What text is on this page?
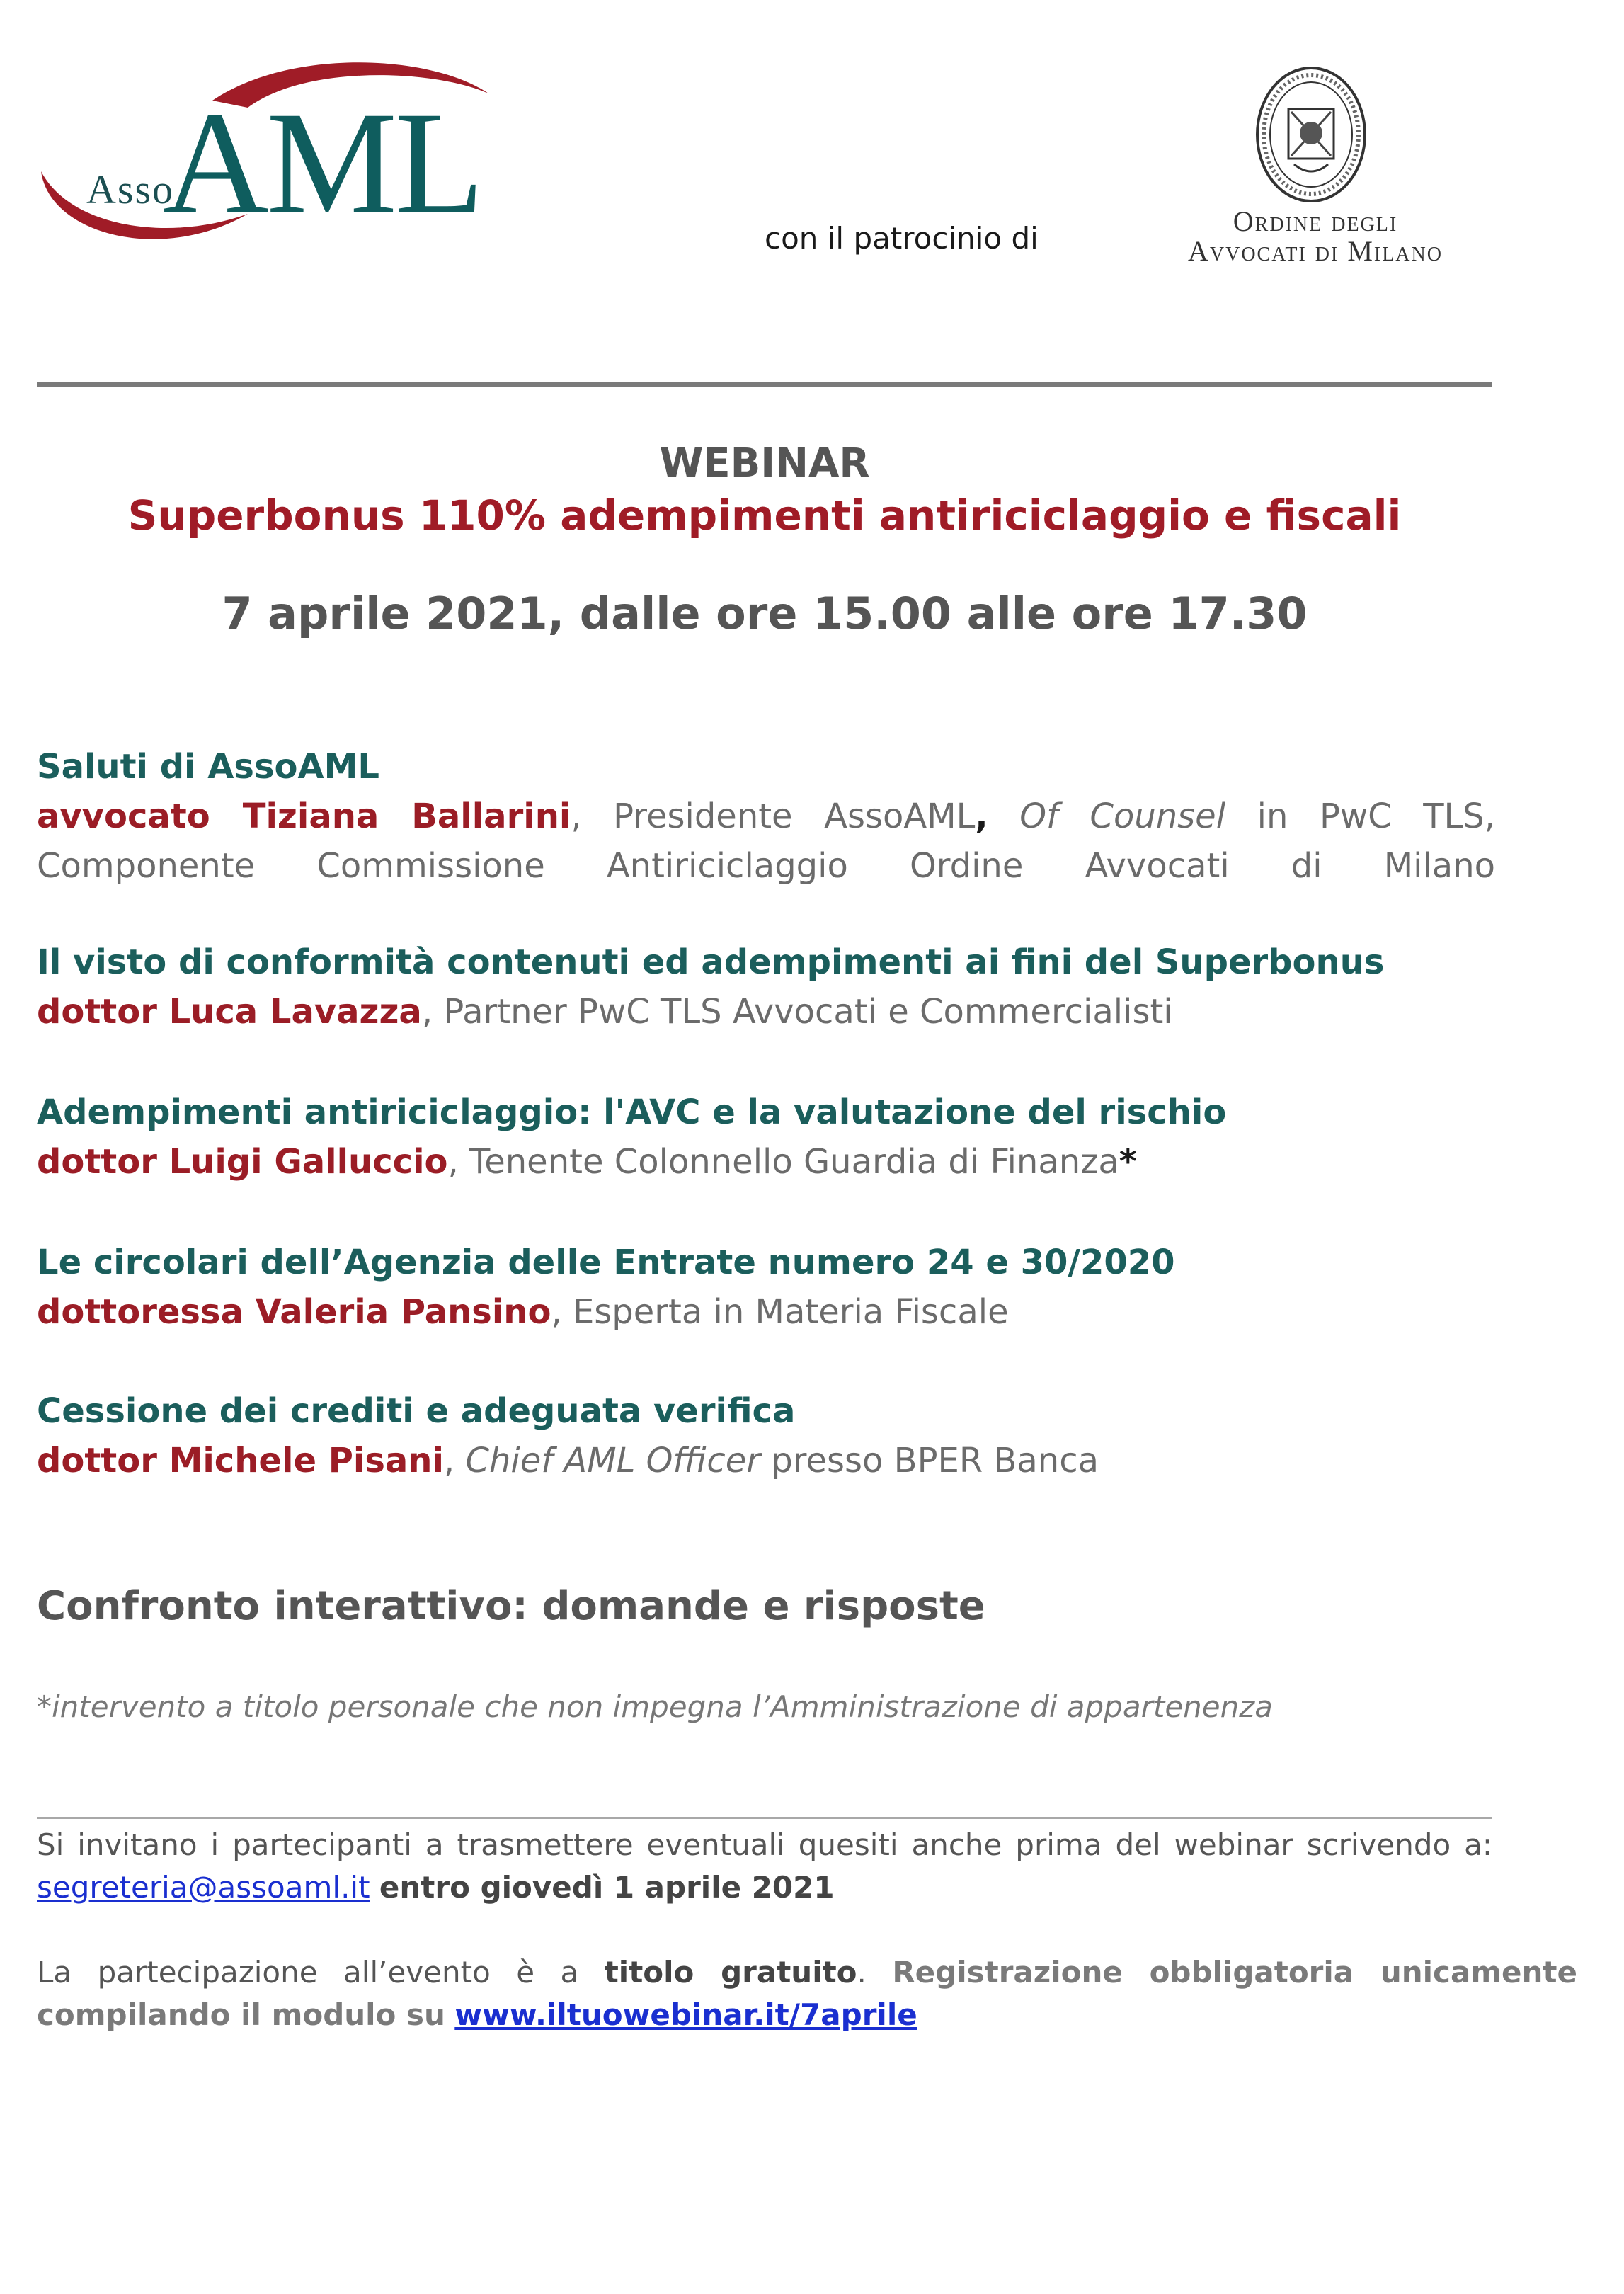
Asso
AML	con il patrocinio di	Ordine degli
Avvocati di Milano
WEBINAR
Superbonus 110% adempimenti antiriciclaggio e fiscali
7 aprile 2021, dalle ore 15.00 alle ore 17.30
Saluti di AssoAML
avvocato Tiziana Ballarini, Presidente AssoAML, Of Counsel in PwC TLS, Componente Commissione Antiriciclaggio Ordine Avvocati di Milano
Il visto di conformità contenuti ed adempimenti ai fini del Superbonus
dottor Luca Lavazza, Partner PwC TLS Avvocati e Commercialisti
Adempimenti antiriciclaggio: l'AVC e la valutazione del rischio
dottor Luigi Galluccio, Tenente Colonnello Guardia di Finanza*
Le circolari dell’Agenzia delle Entrate numero 24 e 30/2020
dottoressa Valeria Pansino, Esperta in Materia Fiscale
Cessione dei crediti e adeguata verifica
dottor Michele Pisani, Chief AML Officer presso BPER Banca
Confronto interattivo: domande e risposte
*intervento a titolo personale che non impegna l’Amministrazione di appartenenza
Si invitano i partecipanti a trasmettere eventuali quesiti anche prima del webinar scrivendo a:
segreteria@assoaml.it entro giovedì 1 aprile 2021
La partecipazione all’evento è a titolo gratuito. Registrazione obbligatoria unicamente
compilando il modulo su www.iltuowebinar.it/7aprile
